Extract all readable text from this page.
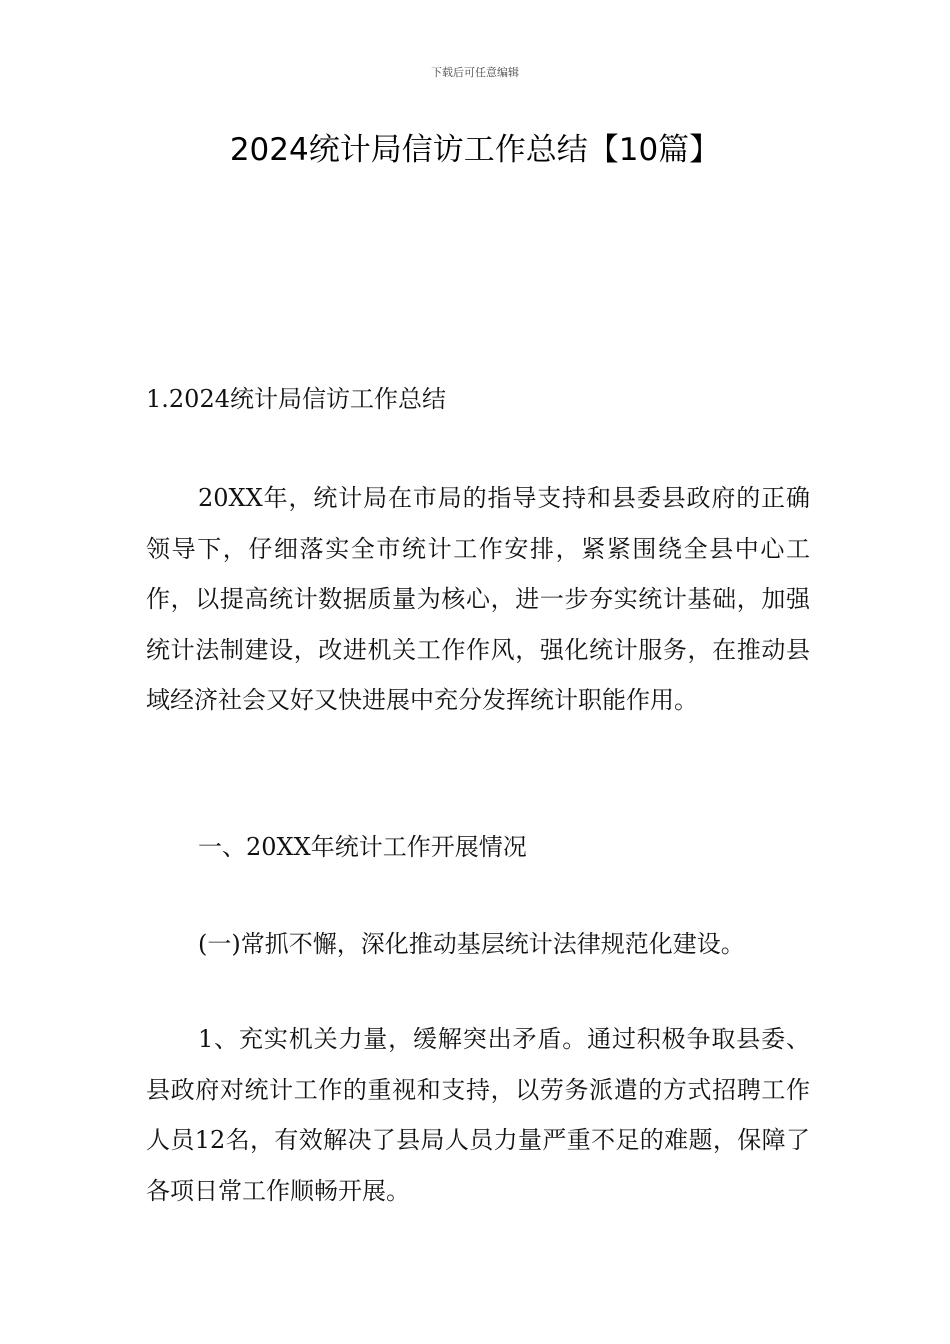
下载后可任意编辑
2024统计局信访工作总结【10篇】

1.2024统计局信访工作总结

20XX年，统计局在市局的指导支持和县委县政府的正确领导下，仔细落实全市统计工作安排，紧紧围绕全县中心工作，以提高统计数据质量为核心，进一步夯实统计基础，加强统计法制建设，改进机关工作作风，强化统计服务，在推动县域经济社会又好又快进展中充分发挥统计职能作用。

一、20XX年统计工作开展情况

(一)常抓不懈，深化推动基层统计法律规范化建设。

1、充实机关力量，缓解突出矛盾。通过积极争取县委、县政府对统计工作的重视和支持，以劳务派遣的方式招聘工作人员12名，有效解决了县局人员力量严重不足的难题，保障了各项日常工作顺畅开展。
